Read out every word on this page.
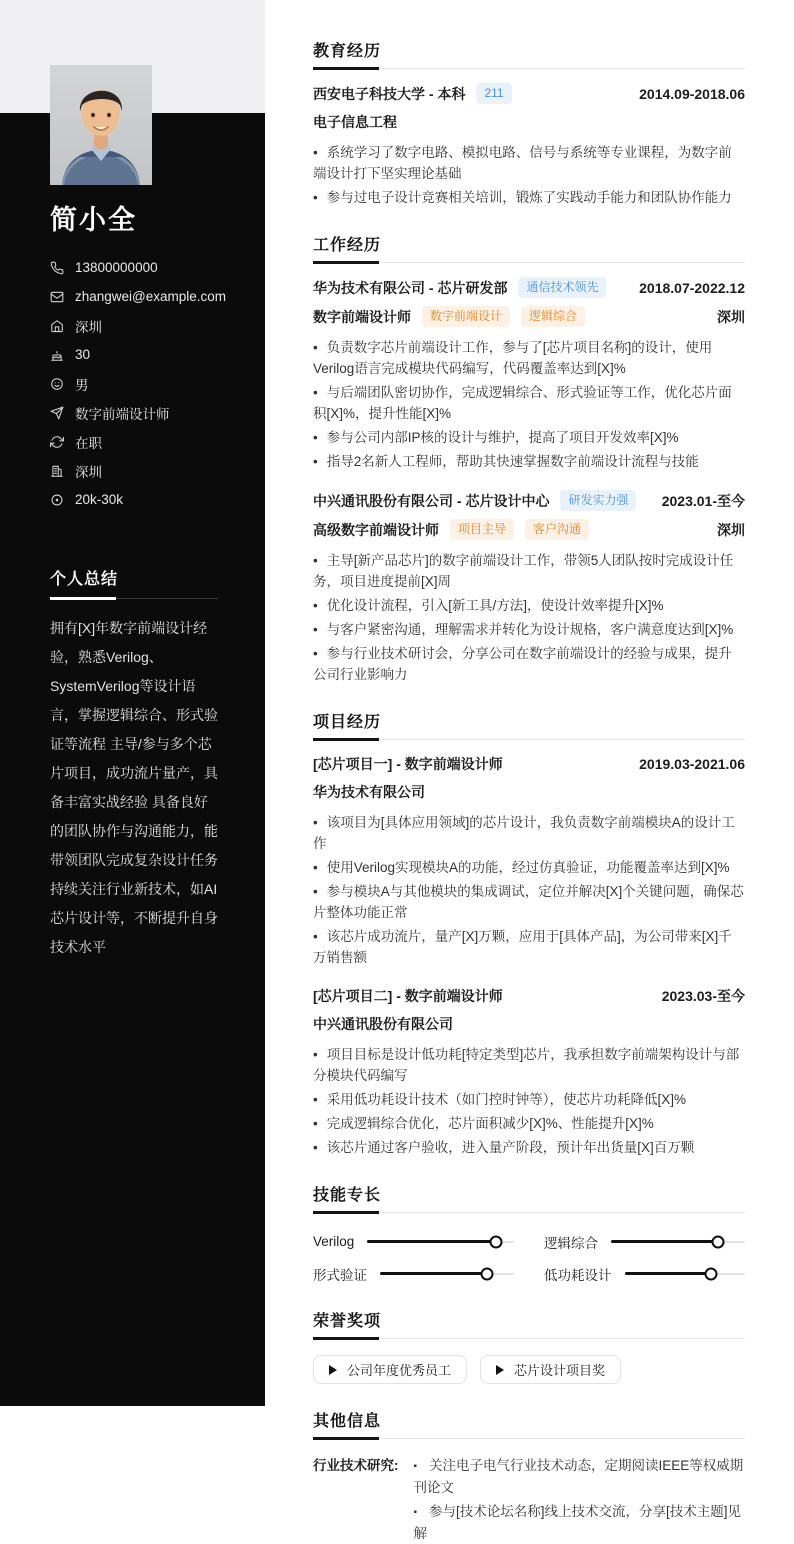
简小全
13800000000
zhangwei@example.com
深圳
30
男
数字前端设计师
在职
深圳
20k-30k
个人总结

拥有[X]年数字前端设计经验，熟悉Verilog、SystemVerilog等设计语言，掌握逻辑综合、形式验证等流程 主导/参与多个芯片项目，成功流片量产，具备丰富实战经验 具备良好的团队协作与沟通能力，能带领团队完成复杂设计任务 持续关注行业新技术，如AI芯片设计等，不断提升自身技术水平

教育经历
西安电子科技大学 - 本科	211	2014.09-2018.06
电子信息工程

• 系统学习了数字电路、模拟电路、信号与系统等专业课程，为数字前端设计打下坚实理论基础

• 参与过电子设计竞赛相关培训，锻炼了实践动手能力和团队协作能力

工作经历
华为技术有限公司 - 芯片研发部	通信技术领先	2018.07-2022.12
数字前端设计师	数字前端设计	逻辑综合	深圳

• 负责数字芯片前端设计工作，参与了[芯片项目名称]的设计，使用Verilog语言完成模块代码编写，代码覆盖率达到[X]%

• 与后端团队密切协作，完成逻辑综合、形式验证等工作，优化芯片面积[X]%，提升性能[X]%

• 参与公司内部IP核的设计与维护，提高了项目开发效率[X]%

• 指导2名新人工程师，帮助其快速掌握数字前端设计流程与技能

中兴通讯股份有限公司 - 芯片设计中心	研发实力强	2023.01-至今
高级数字前端设计师	项目主导	客户沟通	深圳

• 主导[新产品芯片]的数字前端设计工作，带领5人团队按时完成设计任务，项目进度提前[X]周

• 优化设计流程，引入[新工具/方法]，使设计效率提升[X]%

• 与客户紧密沟通，理解需求并转化为设计规格，客户满意度达到[X]%

• 参与行业技术研讨会，分享公司在数字前端设计的经验与成果，提升公司行业影响力

项目经历
[芯片项目一] - 数字前端设计师	2019.03-2021.06
华为技术有限公司

• 该项目为[具体应用领域]的芯片设计，我负责数字前端模块A的设计工作

• 使用Verilog实现模块A的功能，经过仿真验证，功能覆盖率达到[X]%

• 参与模块A与其他模块的集成调试，定位并解决[X]个关键问题，确保芯片整体功能正常

• 该芯片成功流片，量产[X]万颗，应用于[具体产品]，为公司带来[X]千万销售额

[芯片项目二] - 数字前端设计师	2023.03-至今
中兴通讯股份有限公司

• 项目目标是设计低功耗[特定类型]芯片，我承担数字前端架构设计与部分模块代码编写

• 采用低功耗设计技术（如门控时钟等），使芯片功耗降低[X]%

• 完成逻辑综合优化，芯片面积减少[X]%、性能提升[X]%

• 该芯片通过客户验收，进入量产阶段，预计年出货量[X]百万颗

技能专长
Verilog	逻辑综合
形式验证	低功耗设计
荣誉奖项
公司年度优秀员工	芯片设计项目奖
其他信息
行业技术研究: ▪ 关注电子电气行业技术动态，定期阅读IEEE等权威期刊论文

▪ 参与[技术论坛名称]线上技术交流，分享[技术主题]见解
